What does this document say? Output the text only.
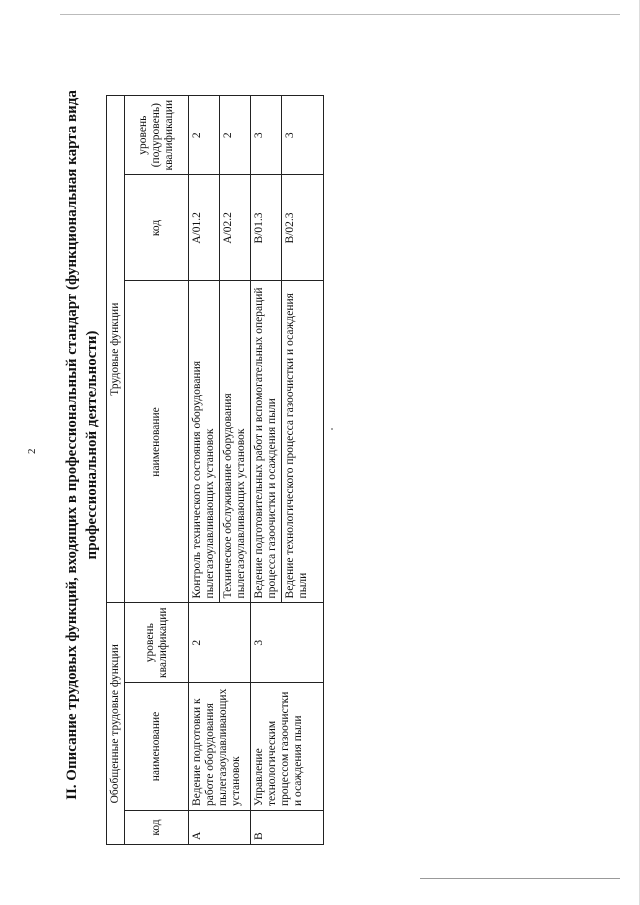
2 II. Описание трудовых функций, входящих в профессиональный стандарт (функциональная карта вида профессиональной деятельности)
Обобщенные трудовые функции			Трудовые функции		
код	наименование	уровень квалификации	наименование	код	уровень (подуровень) квалификации
А	Ведение подготовки к работе оборудования пылегазоулавливающих установок	2	Контроль технического состояния оборудования пылегазоулавливающих установок	А/01.2	2
			Техническое обслуживание оборудования пылегазоулавливающих установок	А/02.2	2
В	Управление технологическим процессом газоочистки и осаждения пыли	3	Ведение подготовительных работ и вспомогательных операций процесса газоочистки и осаждения пыли	В/01.3	3
			Ведение технологического процесса газоочистки и осаждения пыли	В/02.3	3
